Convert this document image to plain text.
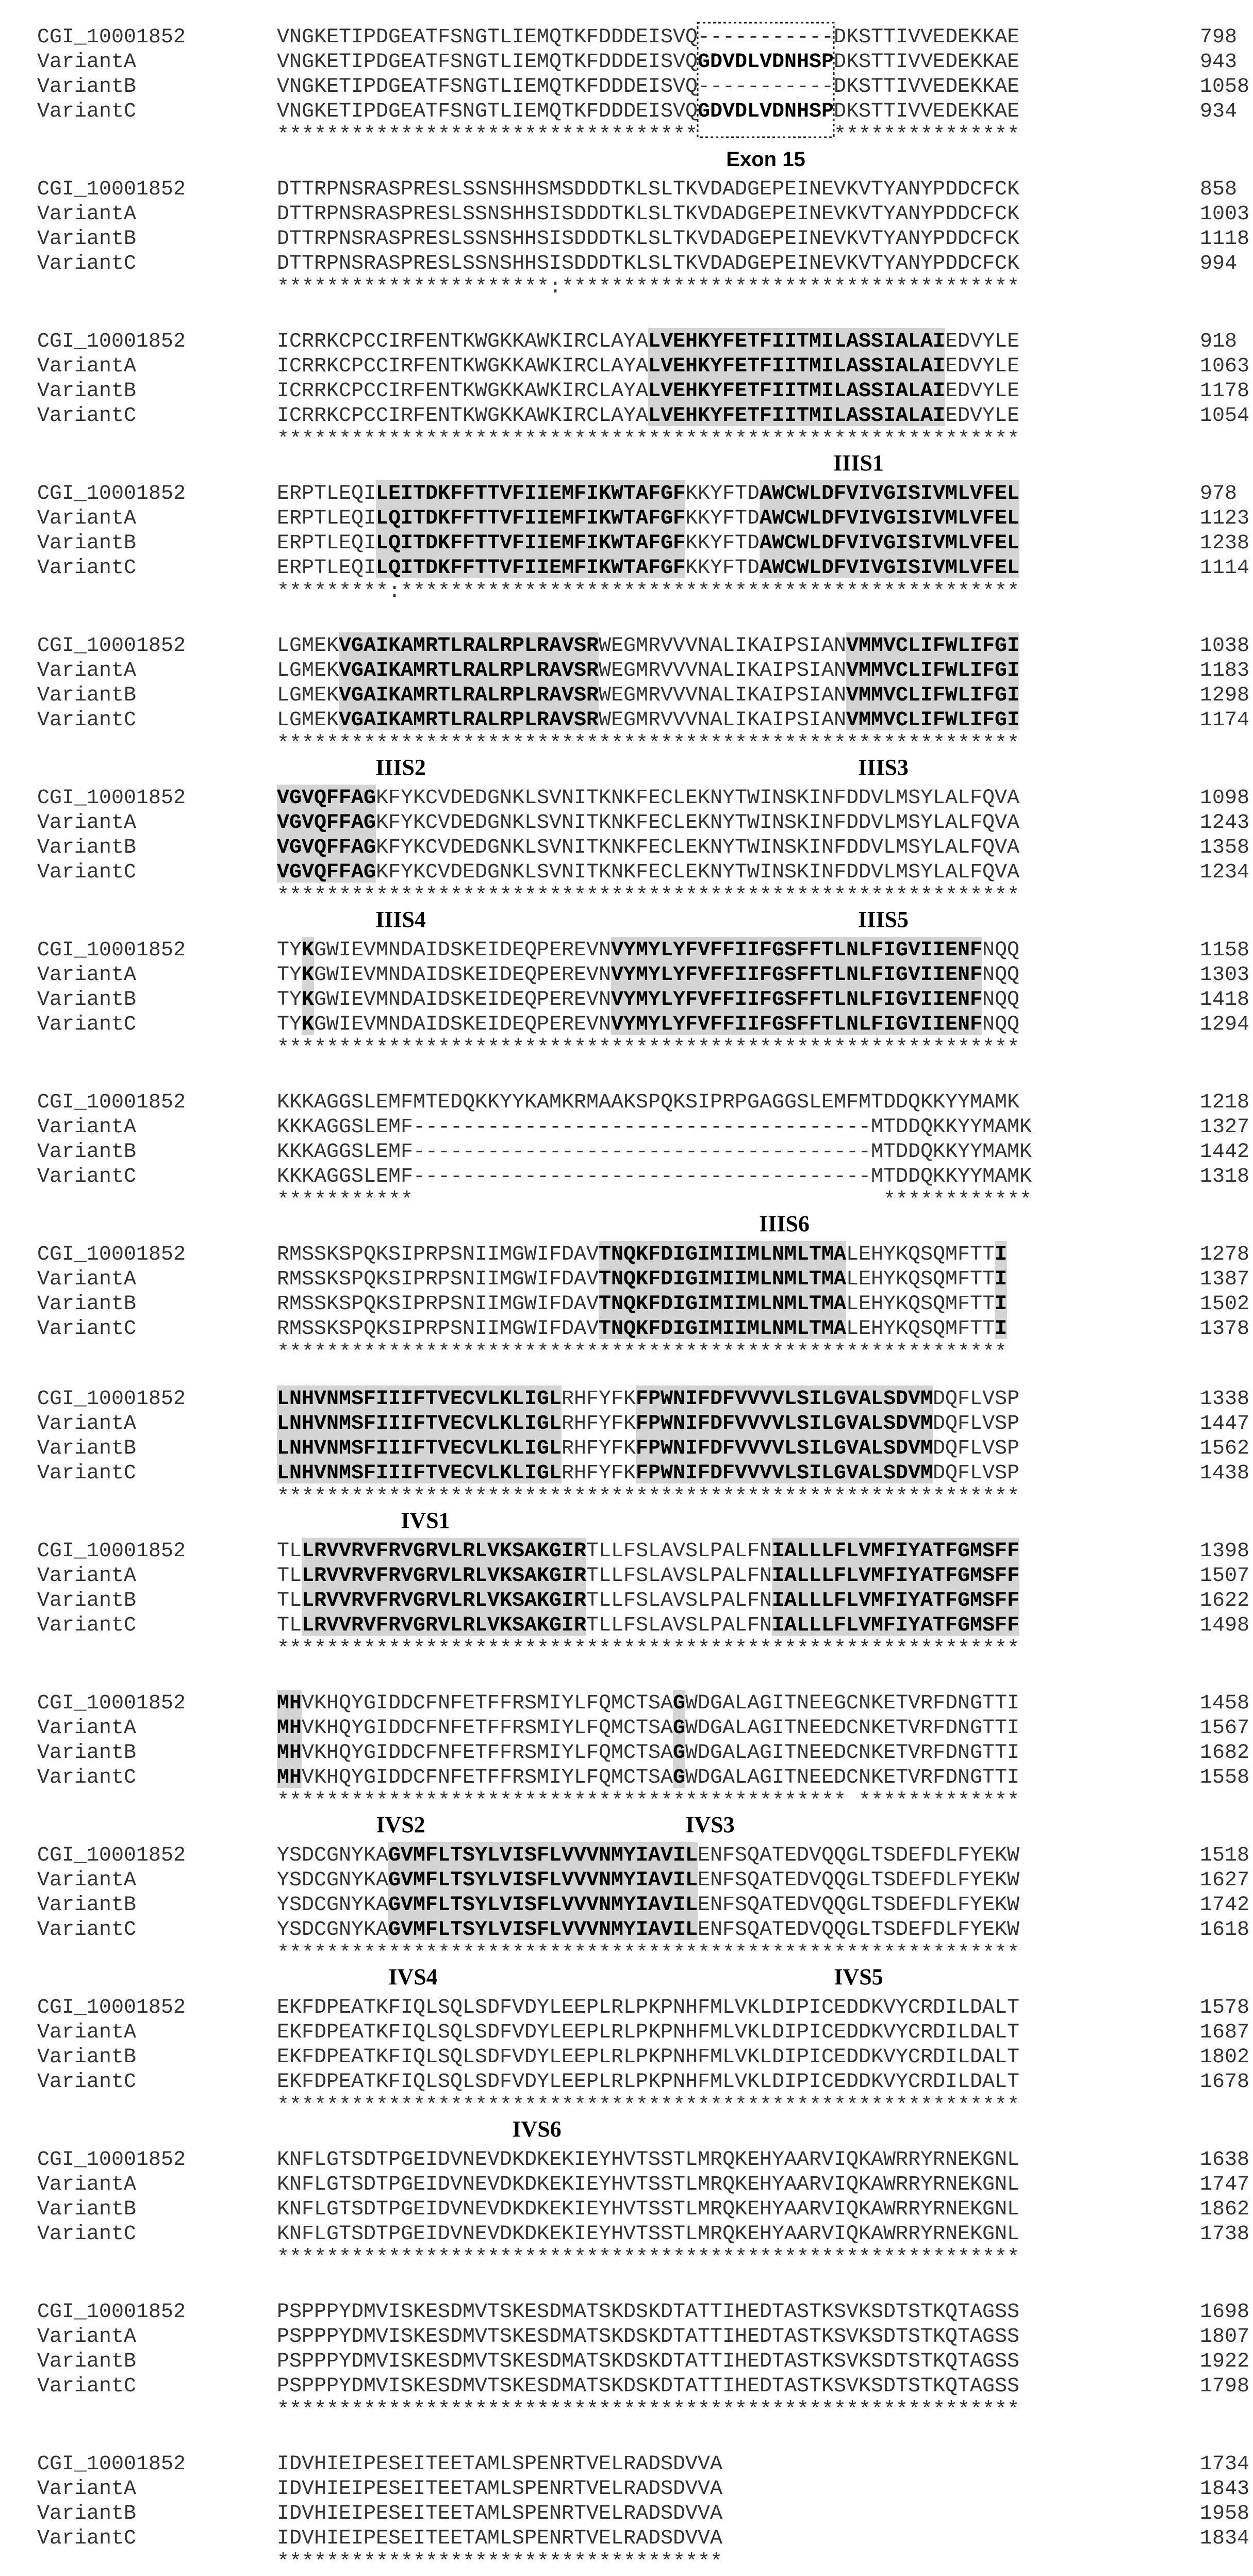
CGI_10001852	VNGKETIPDGEATFSNGTLIEMQTKFDDDEISVQ-----------DKSTTIVVEDEKKAE	798
VariantA	VNGKETIPDGEATFSNGTLIEMQTKFDDDEISVQGDVDLVDNHSPDKSTTIVVEDEKKAE	943
VariantB	VNGKETIPDGEATFSNGTLIEMQTKFDDDEISVQ-----------DKSTTIVVEDEKKAE	1058
VariantC	VNGKETIPDGEATFSNGTLIEMQTKFDDDEISVQGDVDLVDNHSPDKSTTIVVEDEKKAE	934
**********************************           ***************
CGI_10001852	DTTRPNSRASPRESLSSNSHHSMSDDDTKLSLTKVDADGEPEINEVKVTYANYPDDCFCK	858
VariantA	DTTRPNSRASPRESLSSNSHHSISDDDTKLSLTKVDADGEPEINEVKVTYANYPDDCFCK	1003
VariantB	DTTRPNSRASPRESLSSNSHHSISDDDTKLSLTKVDADGEPEINEVKVTYANYPDDCFCK	1118
VariantC	DTTRPNSRASPRESLSSNSHHSISDDDTKLSLTKVDADGEPEINEVKVTYANYPDDCFCK	994
**********************:*************************************
CGI_10001852	ICRRKCPCCIRFENTKWGKKAWKIRCLAYALVEHKYFETFIITMILASSIALAIEDVYLE	918
VariantA	ICRRKCPCCIRFENTKWGKKAWKIRCLAYALVEHKYFETFIITMILASSIALAIEDVYLE	1063
VariantB	ICRRKCPCCIRFENTKWGKKAWKIRCLAYALVEHKYFETFIITMILASSIALAIEDVYLE	1178
VariantC	ICRRKCPCCIRFENTKWGKKAWKIRCLAYALVEHKYFETFIITMILASSIALAIEDVYLE	1054
************************************************************
CGI_10001852	ERPTLEQILEITDKFFTTVFIIEMFIKWTAFGFKKYFTDAWCWLDFVIVGISIVMLVFEL	978
VariantA	ERPTLEQILQITDKFFTTVFIIEMFIKWTAFGFKKYFTDAWCWLDFVIVGISIVMLVFEL	1123
VariantB	ERPTLEQILQITDKFFTTVFIIEMFIKWTAFGFKKYFTDAWCWLDFVIVGISIVMLVFEL	1238
VariantC	ERPTLEQILQITDKFFTTVFIIEMFIKWTAFGFKKYFTDAWCWLDFVIVGISIVMLVFEL	1114
*********:**************************************************
CGI_10001852	LGMEKVGAIKAMRTLRALRPLRAVSRWEGMRVVVNALIKAIPSIANVMMVCLIFWLIFGI	1038
VariantA	LGMEKVGAIKAMRTLRALRPLRAVSRWEGMRVVVNALIKAIPSIANVMMVCLIFWLIFGI	1183
VariantB	LGMEKVGAIKAMRTLRALRPLRAVSRWEGMRVVVNALIKAIPSIANVMMVCLIFWLIFGI	1298
VariantC	LGMEKVGAIKAMRTLRALRPLRAVSRWEGMRVVVNALIKAIPSIANVMMVCLIFWLIFGI	1174
************************************************************
CGI_10001852	VGVQFFAGKFYKCVDEDGNKLSVNITKNKFECLEKNYTWINSKINFDDVLMSYLALFQVA	1098
VariantA	VGVQFFAGKFYKCVDEDGNKLSVNITKNKFECLEKNYTWINSKINFDDVLMSYLALFQVA	1243
VariantB	VGVQFFAGKFYKCVDEDGNKLSVNITKNKFECLEKNYTWINSKINFDDVLMSYLALFQVA	1358
VariantC	VGVQFFAGKFYKCVDEDGNKLSVNITKNKFECLEKNYTWINSKINFDDVLMSYLALFQVA	1234
************************************************************
CGI_10001852	TYKGWIEVMNDAIDSKEIDEQPEREVNVYMYLYFVFFIIFGSFFTLNLFIGVIIENFNQQ	1158
VariantA	TYKGWIEVMNDAIDSKEIDEQPEREVNVYMYLYFVFFIIFGSFFTLNLFIGVIIENFNQQ	1303
VariantB	TYKGWIEVMNDAIDSKEIDEQPEREVNVYMYLYFVFFIIFGSFFTLNLFIGVIIENFNQQ	1418
VariantC	TYKGWIEVMNDAIDSKEIDEQPEREVNVYMYLYFVFFIIFGSFFTLNLFIGVIIENFNQQ	1294
************************************************************
CGI_10001852	KKKAGGSLEMFMTEDQKKYYKAMKRMAAKSPQKSIPRPGAGGSLEMFMTDDQKKYYMAMK	1218
VariantA	KKKAGGSLEMF-------------------------------------MTDDQKKYYMAMK	1327
VariantB	KKKAGGSLEMF-------------------------------------MTDDQKKYYMAMK	1442
VariantC	KKKAGGSLEMF-------------------------------------MTDDQKKYYMAMK	1318
***********                                      ************
CGI_10001852	RMSSKSPQKSIPRPSNIIMGWIFDAVTNQKFDIGIMIIMLNMLTMALEHYKQSQMFTTI	1278
VariantA	RMSSKSPQKSIPRPSNIIMGWIFDAVTNQKFDIGIMIIMLNMLTMALEHYKQSQMFTTI	1387
VariantB	RMSSKSPQKSIPRPSNIIMGWIFDAVTNQKFDIGIMIIMLNMLTMALEHYKQSQMFTTI	1502
VariantC	RMSSKSPQKSIPRPSNIIMGWIFDAVTNQKFDIGIMIIMLNMLTMALEHYKQSQMFTTI	1378
***********************************************************
CGI_10001852	LNHVNMSFIIIFTVECVLKLIGLRHFYFKFPWNIFDFVVVVLSILGVALSDVMDQFLVSP	1338
VariantA	LNHVNMSFIIIFTVECVLKLIGLRHFYFKFPWNIFDFVVVVLSILGVALSDVMDQFLVSP	1447
VariantB	LNHVNMSFIIIFTVECVLKLIGLRHFYFKFPWNIFDFVVVVLSILGVALSDVMDQFLVSP	1562
VariantC	LNHVNMSFIIIFTVECVLKLIGLRHFYFKFPWNIFDFVVVVLSILGVALSDVMDQFLVSP	1438
************************************************************
CGI_10001852	TLLRVVRVFRVGRVLRLVKSAKGIRTLLFSLAVSLPALFNIALLLFLVMFIYATFGMSFF	1398
VariantA	TLLRVVRVFRVGRVLRLVKSAKGIRTLLFSLAVSLPALFNIALLLFLVMFIYATFGMSFF	1507
VariantB	TLLRVVRVFRVGRVLRLVKSAKGIRTLLFSLAVSLPALFNIALLLFLVMFIYATFGMSFF	1622
VariantC	TLLRVVRVFRVGRVLRLVKSAKGIRTLLFSLAVSLPALFNIALLLFLVMFIYATFGMSFF	1498
************************************************************
CGI_10001852	MHVKHQYGIDDCFNFETFFRSMIYLFQMCTSAGWDGALAGITNEEGCNKETVRFDNGTTI	1458
VariantA	MHVKHQYGIDDCFNFETFFRSMIYLFQMCTSAGWDGALAGITNEEDCNKETVRFDNGTTI	1567
VariantB	MHVKHQYGIDDCFNFETFFRSMIYLFQMCTSAGWDGALAGITNEEDCNKETVRFDNGTTI	1682
VariantC	MHVKHQYGIDDCFNFETFFRSMIYLFQMCTSAGWDGALAGITNEEDCNKETVRFDNGTTI	1558
********************************************** *************
CGI_10001852	YSDCGNYKAGVMFLTSYLVISFLVVVNMYIAVILENFSQATEDVQQGLTSDEFDLFYEKW	1518
VariantA	YSDCGNYKAGVMFLTSYLVISFLVVVNMYIAVILENFSQATEDVQQGLTSDEFDLFYEKW	1627
VariantB	YSDCGNYKAGVMFLTSYLVISFLVVVNMYIAVILENFSQATEDVQQGLTSDEFDLFYEKW	1742
VariantC	YSDCGNYKAGVMFLTSYLVISFLVVVNMYIAVILENFSQATEDVQQGLTSDEFDLFYEKW	1618
************************************************************
CGI_10001852	EKFDPEATKFIQLSQLSDFVDYLEEPLRLPKPNHFMLVKLDIPICEDDKVYCRDILDALT	1578
VariantA	EKFDPEATKFIQLSQLSDFVDYLEEPLRLPKPNHFMLVKLDIPICEDDKVYCRDILDALT	1687
VariantB	EKFDPEATKFIQLSQLSDFVDYLEEPLRLPKPNHFMLVKLDIPICEDDKVYCRDILDALT	1802
VariantC	EKFDPEATKFIQLSQLSDFVDYLEEPLRLPKPNHFMLVKLDIPICEDDKVYCRDILDALT	1678
************************************************************
CGI_10001852	KNFLGTSDTPGEIDVNEVDKDKEKIEYHVTSSTLMRQKEHYAARVIQKAWRRYRNEKGNL	1638
VariantA	KNFLGTSDTPGEIDVNEVDKDKEKIEYHVTSSTLMRQKEHYAARVIQKAWRRYRNEKGNL	1747
VariantB	KNFLGTSDTPGEIDVNEVDKDKEKIEYHVTSSTLMRQKEHYAARVIQKAWRRYRNEKGNL	1862
VariantC	KNFLGTSDTPGEIDVNEVDKDKEKIEYHVTSSTLMRQKEHYAARVIQKAWRRYRNEKGNL	1738
************************************************************
CGI_10001852	PSPPPYDMVISKESDMVTSKESDMATSKDSKDTATTIHEDTASTKSVKSDTSTKQTAGSS	1698
VariantA	PSPPPYDMVISKESDMVTSKESDMATSKDSKDTATTIHEDTASTKSVKSDTSTKQTAGSS	1807
VariantB	PSPPPYDMVISKESDMVTSKESDMATSKDSKDTATTIHEDTASTKSVKSDTSTKQTAGSS	1922
VariantC	PSPPPYDMVISKESDMVTSKESDMATSKDSKDTATTIHEDTASTKSVKSDTSTKQTAGSS	1798
************************************************************
CGI_10001852	IDVHIEIPESEITEETAMLSPENRTVELRADSDVVA	1734
VariantA	IDVHIEIPESEITEETAMLSPENRTVELRADSDVVA	1843
VariantB	IDVHIEIPESEITEETAMLSPENRTVELRADSDVVA	1958
VariantC	IDVHIEIPESEITEETAMLSPENRTVELRADSDVVA	1834
************************************
Exon 15
IIIS1
IIIS2	IIIS3
IIIS4	IIIS5
IIIS6
IVS1
IVS2	IVS3
IVS4	IVS5
IVS6
